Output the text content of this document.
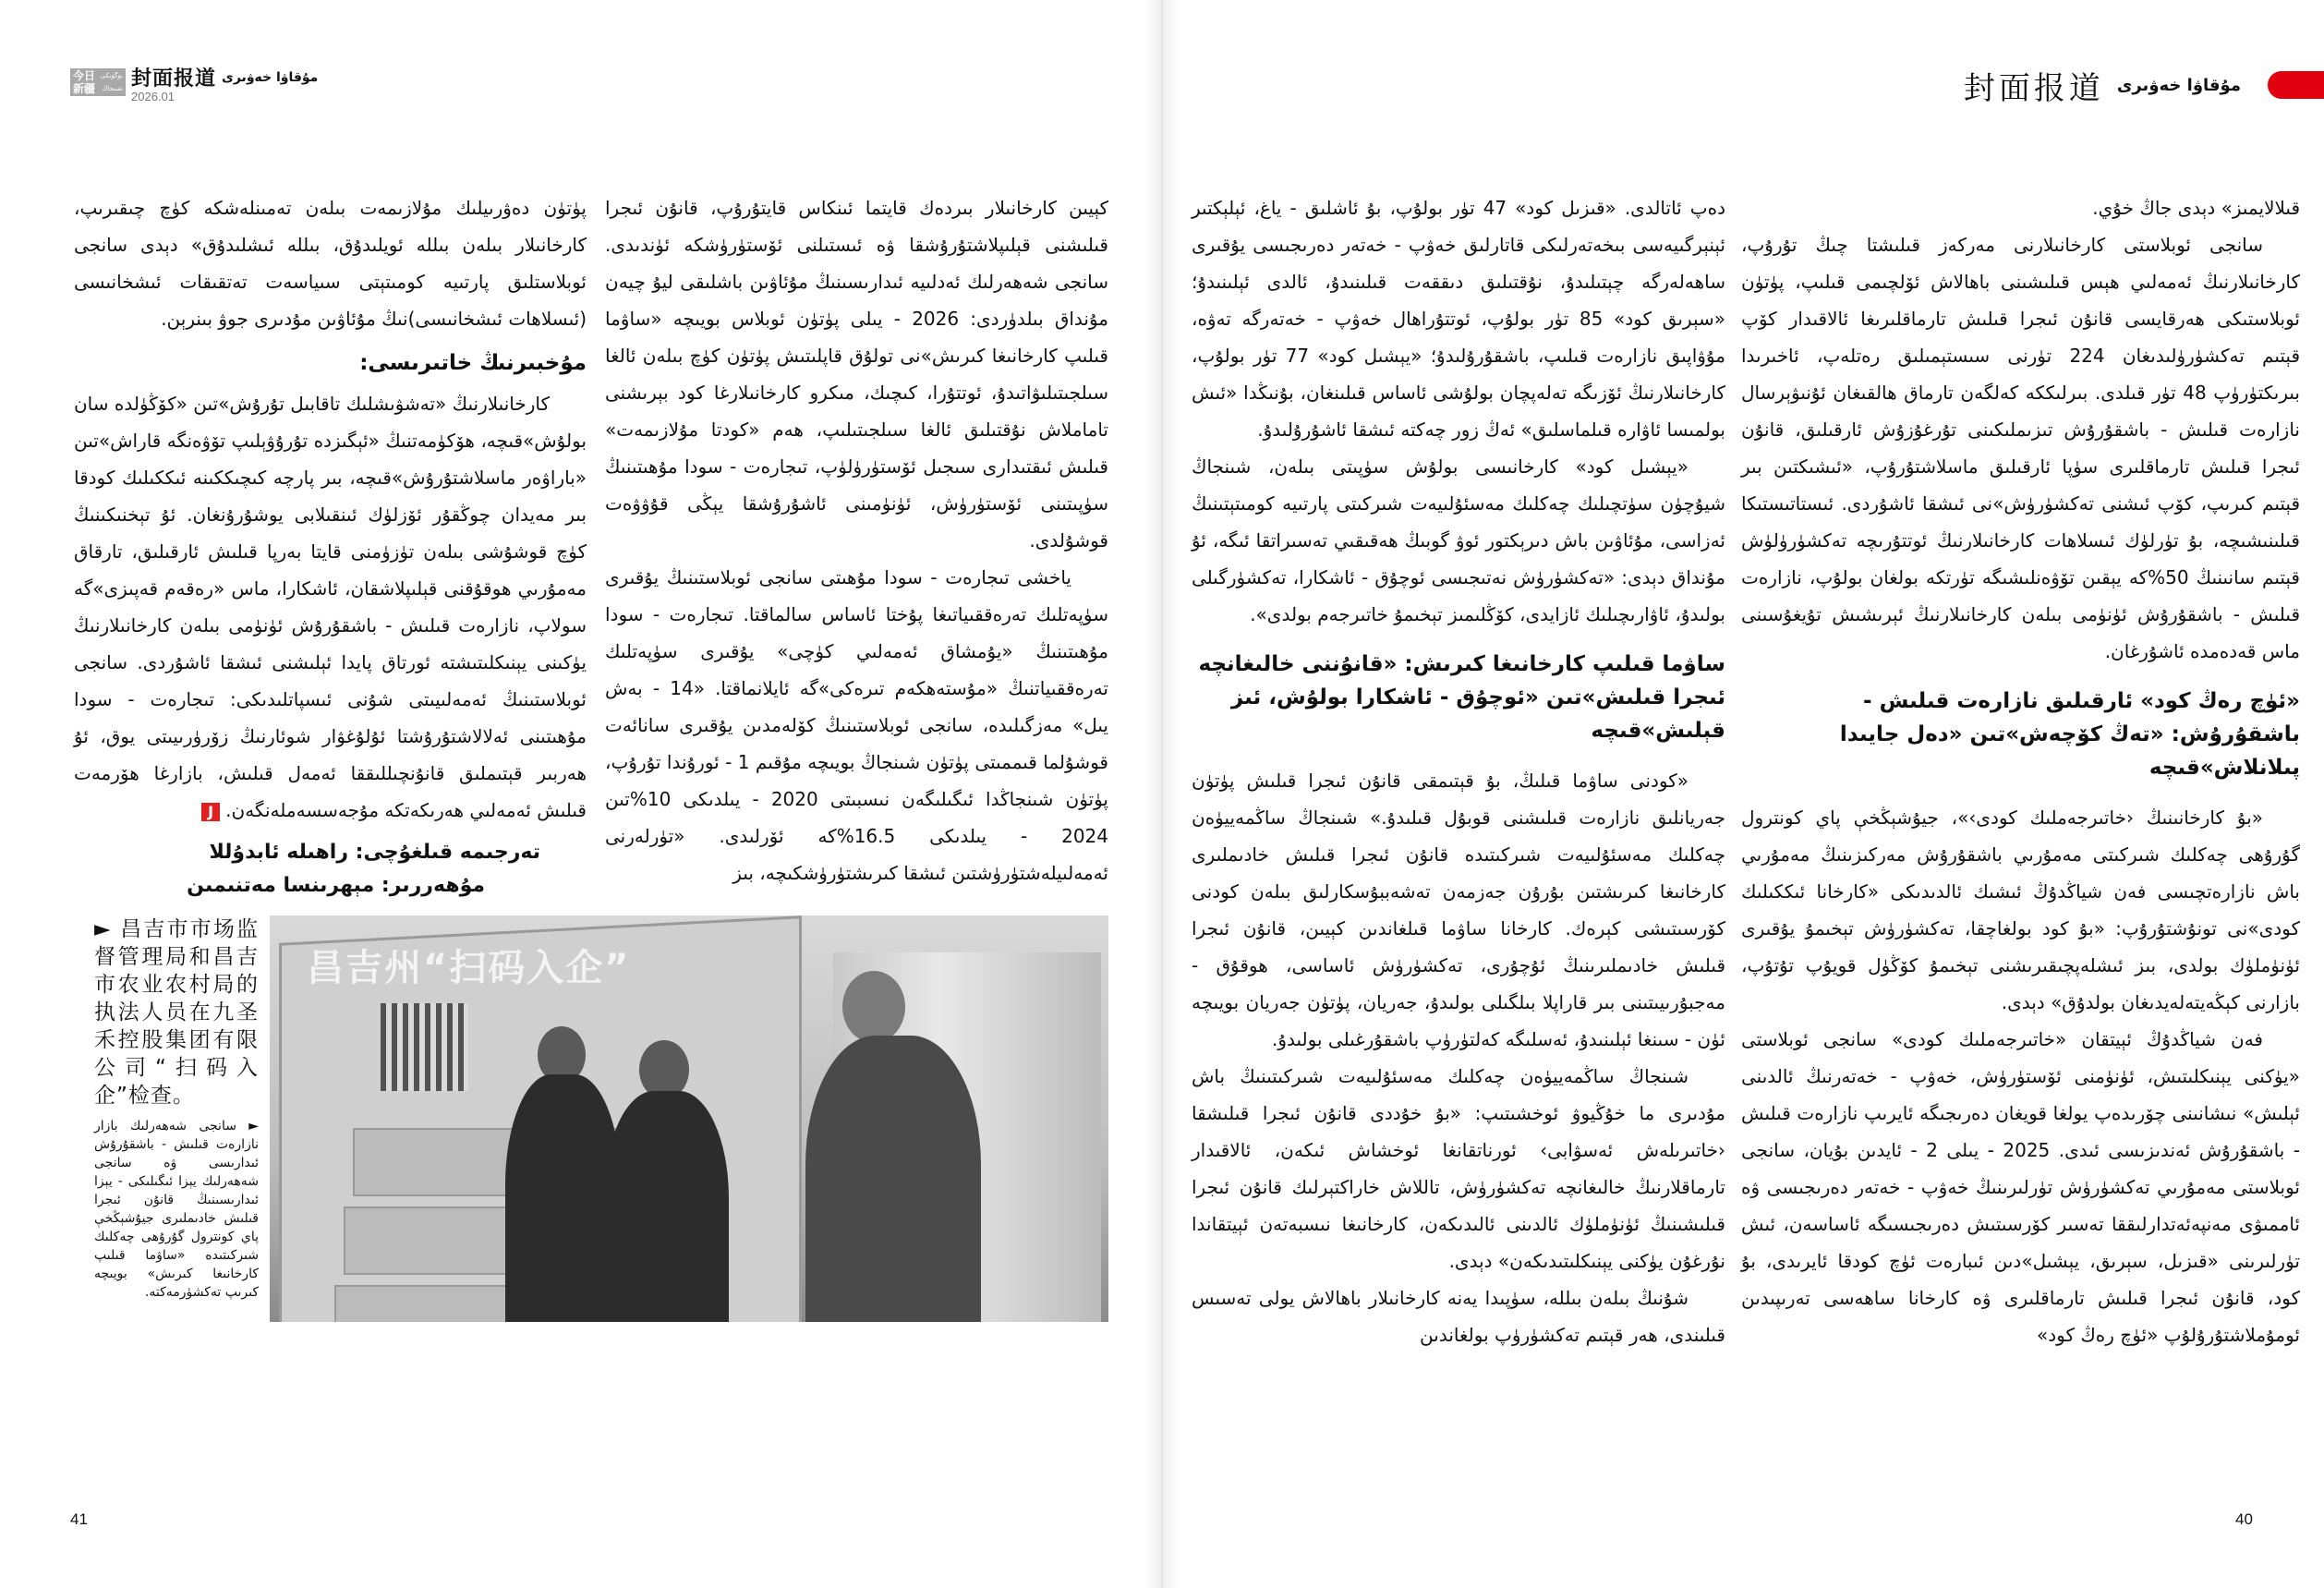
今日新疆
بۈگۈنكى شىنجاڭ 封面报道
2026.01
مۇقاۋا خەۋىرى	封面报道 مۇقاۋا خەۋىرى

قىلالايمىز» دېدى جاڭ خۇي.

سانجى ئوبلاستى كارخانىلارنى مەركەز قىلىشتا چىڭ تۇرۇپ، كارخانىلارنىڭ ئەمەلىي ھېس قىلىشىنى باھالاش ئۆلچىمى قىلىپ، پۈتۈن ئوبلاستىكى ھەرقايسى قانۇن ئىجرا قىلىش تارماقلىرىغا ئالاقىدار كۆپ قېتىم تەكشۈرۈلىدىغان 224 تۈرنى سىستېمىلىق رەتلەپ، ئاخىرىدا بىرىكتۈرۈپ 48 تۈر قىلدى. بىرلىككە كەلگەن تارماق ھالقىغان ئۇنىۋېرسال نازارەت قىلىش - باشقۇرۇش تىزىملىكىنى تۇرغۇزۇش ئارقىلىق، قانۇن ئىجرا قىلىش تارماقلىرى سۈپا ئارقىلىق ماسلاشتۇرۇپ، «ئىشىكتىن بىر قېتىم كىرىپ، كۆپ ئىشنى تەكشۈرۈش»نى ئىشقا ئاشۇردى. ئىستاتىستىكا قىلىنىشىچە، بۇ تۈرلۈك ئىسلاھات كارخانىلارنىڭ ئوتتۇرىچە تەكشۈرۈلۈش قېتىم سانىنىڭ 50%كە يېقىن تۆۋەنلىشىگە تۈرتكە بولغان بولۇپ، نازارەت قىلىش - باشقۇرۇش ئۈنۈمى بىلەن كارخانىلارنىڭ ئېرىشىش تۇيغۇسىنى ماس قەدەمدە ئاشۇرغان.

«ئۈچ رەڭ كود» ئارقىلىق نازارەت قىلىش - باشقۇرۇش: «تەڭ كۆچەش»تىن «دەل جايىدا پىلانلاش»قىچە

«بۇ كارخانىنىڭ ‹خاتىرجەملىك كودى›»، جيۇشېڭخې پاي كونترول گۇرۇھى چەكلىك شىركىتى مەمۇرىي باشقۇرۇش مەركىزىنىڭ مەمۇرىي باش نازارەتچىسى فەن شياڭدۇڭ ئىشىك ئالدىدىكى «كارخانا ئىككىلىك كودى»نى تونۇشتۇرۇپ: «بۇ كود بولغاچقا، تەكشۈرۈش تېخىمۇ يۇقىرى ئۈنۈملۈك بولدى، بىز ئىشلەپچىقىرىشنى تېخىمۇ كۆڭۈل قويۇپ تۇتۇپ، بازارنى كېڭەيتەلەيدىغان بولدۇق» دېدى.

فەن شياڭدۇڭ ئېيتقان «خاتىرجەملىك كودى» سانجى ئوبلاستى «يۈكنى يېنىكلىتىش، ئۈنۈمنى ئۆستۈرۈش، خەۋپ - خەتەرنىڭ ئالدىنى ئېلىش» نىشانىنى چۆرىدەپ يولغا قويغان دەرىجىگە ئايرىپ نازارەت قىلىش - باشقۇرۇش ئەندىزىسى ئىدى. 2025 - يىلى 2 - ئايدىن بۇيان، سانجى ئوبلاستى مەمۇرىي تەكشۈرۈش تۈرلىرىنىڭ خەۋپ - خەتەر دەرىجىسى ۋە ئاممىۋى مەنپەئەتدارلىققا تەسىر كۆرسىتىش دەرىجىسىگە ئاساسەن، ئىش تۈرلىرىنى «قىزىل، سېرىق، يېشىل»دىن ئىبارەت ئۈچ كودقا ئايرىدى، بۇ كود، قانۇن ئىجرا قىلىش تارماقلىرى ۋە كارخانا ساھەسى تەرىپىدىن ئومۇملاشتۇرۇلۇپ «ئۈچ رەڭ كود»

دەپ ئاتالدى. «قىزىل كود» 47 تۈر بولۇپ، بۇ ئاشلىق - ياغ، ئېلېكتىر ئېنېرگىيەسى بىخەتەرلىكى قاتارلىق خەۋپ - خەتەر دەرىجىسى يۇقىرى ساھەلەرگە چېتىلىدۇ، نۇقتىلىق دىققەت قىلىنىدۇ، ئالدى ئېلىنىدۇ؛ «سېرىق كود» 85 تۈر بولۇپ، ئوتتۇراھال خەۋپ - خەتەرگە تەۋە، مۇۋاپىق نازارەت قىلىپ، باشقۇرۇلىدۇ؛ «يېشىل كود» 77 تۈر بولۇپ، كارخانىلارنىڭ ئۆزىگە تەلەپچان بولۇشى ئاساس قىلىنغان، بۇنىڭدا «ئىش بولمىسا ئاۋارە قىلماسلىق» ئەڭ زور چەكتە ئىشقا ئاشۇرۇلىدۇ.

«يېشىل كود» كارخانىسى بولۇش سۈپىتى بىلەن، شىنجاڭ شيۇچۈن سۈتچىلىك چەكلىك مەسئۇلىيەت شىركىتى پارتىيە كومىتېتىنىڭ ئەزاسى، مۇئاۋىن باش دىرېكتور ئوۋ گوبىڭ ھەقىقىي تەسىراتقا ئىگە، ئۇ مۇنداق دېدى: «تەكشۈرۈش نەتىجىسى ئوچۇق - ئاشكارا، تەكشۈرگىلى بولىدۇ، ئاۋارىچىلىك ئازايدى، كۆڭلىمىز تېخىمۇ خاتىرجەم بولدى».

ساۋما قىلىپ كارخانىغا كىرىش: «قانۇننى خالىغانچە ئىجرا قىلىش»تىن «ئوچۇق - ئاشكارا بولۇش، ئىز قېلىش»قىچە

«كودنى ساۋما قىلىڭ، بۇ قېتىمقى قانۇن ئىجرا قىلىش پۈتۈن جەريانلىق نازارەت قىلىشنى قوبۇل قىلىدۇ.» شىنجاڭ ساڭمەييۈەن چەكلىك مەسئۇلىيەت شىركىتىدە قانۇن ئىجرا قىلىش خادىملىرى كارخانىغا كىرىشتىن بۇرۇن جەزمەن تەشەببۇسكارلىق بىلەن كودنى كۆرسىتىشى كېرەك. كارخانا ساۋما قىلغاندىن كېيىن، قانۇن ئىجرا قىلىش خادىملىرىنىڭ ئۇچۇرى، تەكشۈرۈش ئاساسى، ھوقۇق - مەجبۇرىيىتىنى بىر قاراپلا بىلگىلى بولىدۇ، جەريان، پۈتۈن جەريان بويىچە ئۈن - سىنغا ئېلىنىدۇ، ئەسلىگە كەلتۈرۈپ باشقۇرغىلى بولىدۇ.

شىنجاڭ ساڭمەييۈەن چەكلىك مەسئۇلىيەت شىركىتىنىڭ باش مۇدىرى ما خۇڭيوۋ ئوخشىتىپ: «بۇ خۇددى قانۇن ئىجرا قىلىشقا ‹خاتىرىلەش ئەسۋابى› ئورناتقانغا ئوخشاش ئىكەن، ئالاقىدار تارماقلارنىڭ خالىغانچە تەكشۈرۈش، تاللاش خاراكتېرلىك قانۇن ئىجرا قىلىشىنىڭ ئۈنۈملۈك ئالدىنى ئالىدىكەن، كارخانىغا نىسبەتەن ئېيتقاندا نۇرغۇن يۈكنى يېنىكلىتىدىكەن» دېدى.

شۇنىڭ بىلەن بىللە، سۈپىدا يەنە كارخانىلار باھالاش يولى تەسىس قىلىندى، ھەر قېتىم تەكشۈرۈپ بولغاندىن

پۈتۈن دەۋرىيلىك مۇلازىمەت بىلەن تەمىنلەشكە كۈچ چىقىرىپ، كارخانىلار بىلەن بىللە ئويلىدۇق، بىللە ئىشلىدۇق» دېدى سانجى ئوبلاستلىق پارتىيە كومىتېتى سىياسەت تەتقىقات ئىشخانىسى (ئىسلاھات ئىشخانىسى)نىڭ مۇئاۋىن مۇدىرى جوۋ بىنرېن.

مۇخبىرنىڭ خاتىرىسى:

كارخانىلارنىڭ «تەشۋىشلىك تاقابىل تۇرۇش»تىن «كۆڭۈلدە سان بولۇش»قىچە، ھۆكۈمەتنىڭ «ئېگىزدە تۇرۇۋېلىپ تۆۋەنگە قاراش»تىن «باراۋەر ماسلاشتۇرۇش»قىچە، بىر پارچە كىچىككىنە ئىككىلىك كودقا بىر مەيدان چوڭقۇر ئۆزلۈك ئىنقىلابى يوشۇرۇنغان. ئۇ تېخنىكىنىڭ كۈچ قوشۇشى بىلەن تۈزۈمنى قايتا بەرپا قىلىش ئارقىلىق، تارقاق مەمۇرىي ھوقۇقنى قېلىپلاشقان، ئاشكارا، ماس «رەقەم قەپىزى»گە سولاپ، نازارەت قىلىش - باشقۇرۇش ئۈنۈمى بىلەن كارخانىلارنىڭ يۈكىنى يېنىكلىتىشتە ئورتاق پايدا ئېلىشنى ئىشقا ئاشۇردى. سانجى ئوبلاستىنىڭ ئەمەلىيىتى شۇنى ئىسپاتلىدىكى: تىجارەت - سودا مۇھىتىنى ئەلالاشتۇرۇشتا ئۇلۇغۋار شوئارنىڭ زۆرۈرىيىتى يوق، ئۇ ھەربىر قېتىملىق قانۇنچىللىققا ئەمەل قىلىش، بازارغا ھۆرمەت قىلىش ئەمەلىي ھەرىكەتكە مۇجەسسەملەنگەن.J

تەرجىمە قىلغۇچى: راھىلە ئابدۇللا
مۇھەررىر: مېھرىنسا مەتنىمىن

كېيىن كارخانىلار بىردەك قايتما ئىنكاس قايتۇرۇپ، قانۇن ئىجرا قىلىشنى قېلىپلاشتۇرۇشقا ۋە ئىستىلنى ئۆستۈرۈشكە ئۈندىدى. سانجى شەھەرلىك ئەدلىيە ئىدارىسىنىڭ مۇئاۋىن باشلىقى ليۇ چيەن مۇنداق بىلدۈردى: 2026 - يىلى پۈتۈن ئوبلاس بويىچە «ساۋما قىلىپ كارخانىغا كىرىش»نى تولۇق قاپلىتىش پۈتۈن كۈچ بىلەن ئالغا سىلجىتىلىۋاتىدۇ، ئوتتۇرا، كىچىك، مىكرو كارخانىلارغا كود بېرىشنى تاماملاش نۇقتىلىق ئالغا سىلجىتىلىپ، ھەم «كودتا مۇلازىمەت» قىلىش ئىقتىدارى سىجىل ئۆستۈرۈلۈپ، تىجارەت - سودا مۇھىتىنىڭ سۈپىتىنى ئۆستۈرۈش، ئۈنۈمىنى ئاشۇرۇشقا يېڭى قۇۋۋەت قوشۇلدى.

ياخشى تىجارەت - سودا مۇھىتى سانجى ئوبلاستىنىڭ يۇقىرى سۈپەتلىك تەرەققىياتىغا پۇختا ئاساس سالماقتا. تىجارەت - سودا مۇھىتىنىڭ «يۇمشاق ئەمەلىي كۈچى» يۇقىرى سۈپەتلىك تەرەققىياتنىڭ «مۇستەھكەم تىرەكى»گە ئايلانماقتا. «14 - بەش يىل» مەزگىلىدە، سانجى ئوبلاستىنىڭ كۆلەمدىن يۇقىرى سانائەت قوشۇلما قىممىتى پۈتۈن شىنجاڭ بويىچە مۇقىم 1 - ئورۇندا تۇرۇپ، پۈتۈن شىنجاڭدا ئىگىلىگەن نىسبىتى 2020 - يىلدىكى 10%تىن 2024 - يىلدىكى 16.5%كە ئۆرلىدى. «تۈرلەرنى ئەمەلىيلەشتۈرۈشتىن ئىشقا كىرىشتۈرۈشكىچە، بىز

► 昌吉市市场监督管理局和昌吉市农业农村局的执法人员在九圣禾控股集团有限公司“扫码入企”检查。
► سانجى شەھەرلىك بازار نازارەت قىلىش - باشقۇرۇش ئىدارىسى ۋە سانجى شەھەرلىك يېزا ئىگىلىكى - يېزا ئىدارىسىنىڭ قانۇن ئىجرا قىلىش خادىملىرى جيۇشېڭخې پاي كونترول گۇرۇھى چەكلىك شىركىتىدە «ساۋما قىلىپ كارخانىغا كىرىش» بويىچە كىرىپ تەكشۈرمەكتە.
昌吉州“扫码入企”
41	40
